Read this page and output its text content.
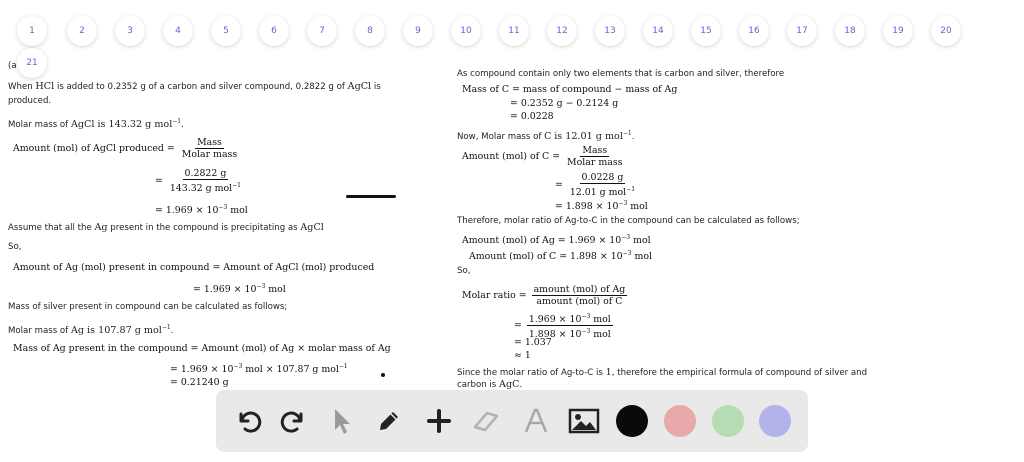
1	2	3	4	5	6	7	8	9	10	11	12	13	14	15	16	17	18	19	20
21
(a
When HCl is added to 0.2352 g of a carbon and silver compound, 0.2822 g of AgCl is
produced.
Molar mass of AgCl is 143.32 g mol$^{-1}$.
Amount (mol) of AgCl produced = $\frac{\text{Mass}}{\text{Molar mass}}$
= $\frac{0.2822 g}{143.32 g mol^{-1}}$
= $1.969 \times 10^{-3}$ mol
Assume that all the Ag present in the compound is precipitating as AgCl
So,
Amount of Ag (mol) present in compound = Amount of AgCl (mol) produced
= $1.969 \times 10^{-3}$ mol
Mass of silver present in compound can be calculated as follows;
Molar mass of Ag is 107.87 g mol$^{-1}$.
Mass of Ag present in the compound = Amount (mol) of Ag × molar mass of Ag
= $1.969 \times 10^{-3}$ mol × 107.87 g mol$^{-1}$
= 0.21240 g
As compound contain only two elements that is carbon and silver, therefore
Mass of C = mass of compound − mass of Ag
= 0.2352 g − 0.2124 g
= 0.0228
Now, Molar mass of C is 12.01 g mol$^{-1}$.
Amount (mol) of $C = \frac{\text{Mass}}{\text{Molar mass}}$
= $\frac{0.0228 g}{12.01 g mol^{-1}}$
= $1.898 \times 10^{-3}$ mol
Therefore, molar ratio of Ag-to-C in the compound can be calculated as follows;
Amount (mol) of $Ag = 1.969 \times 10^{-3}$ mol
Amount (mol) of $C = 1.898 \times 10^{-3}$ mol
So,
Molar ratio = $\frac{\text{amount (mol) of Ag}}{\text{amount (mol) of C}}$
= $\frac{1.969 \times 10^{-3} mol}{1.898 \times 10^{-3} mol}$
= 1.037
≈ 1
Since the molar ratio of Ag-to-C is 1, therefore the empirical formula of compound of silver and
carbon is AgC.
